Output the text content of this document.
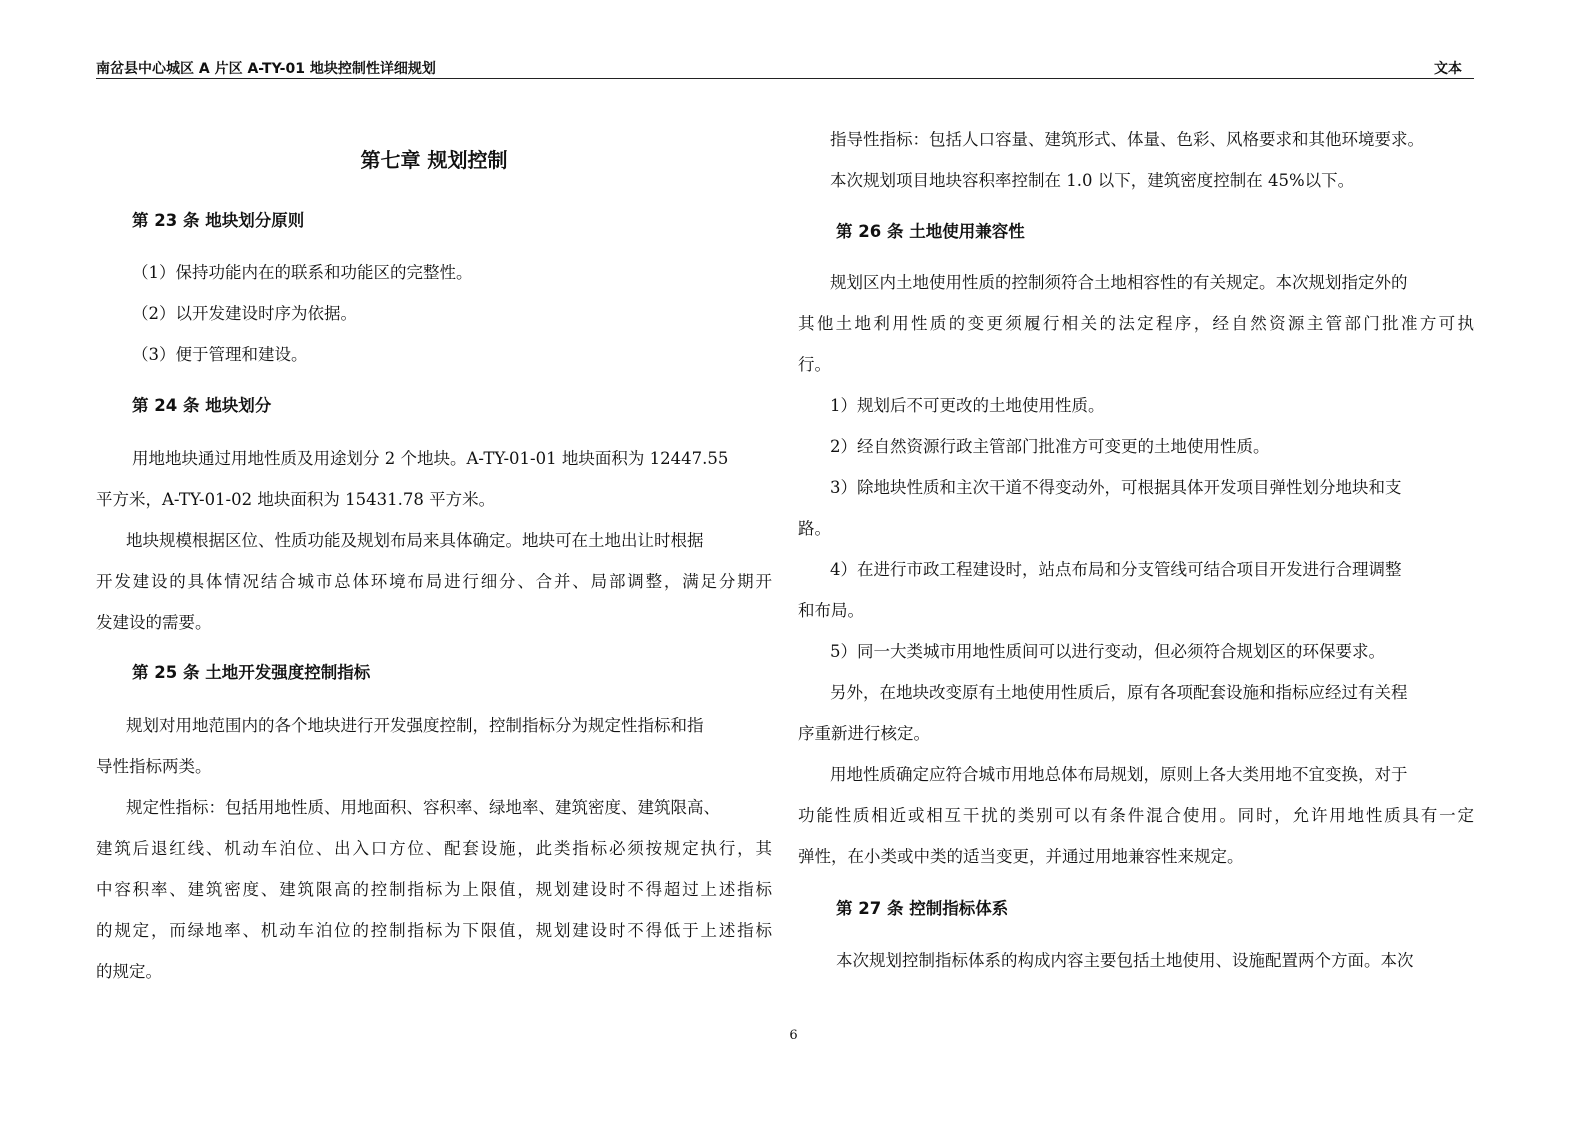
南岔县中心城区 A 片区 A-TY-01 地块控制性详细规划	文本
第七章 规划控制
第 23 条 地块划分原则
（1）保持功能内在的联系和功能区的完整性。
（2）以开发建设时序为依据。
（3）便于管理和建设。
第 24 条 地块划分
用地地块通过用地性质及用途划分 2 个地块。A-TY-01-01 地块面积为 12447.55
平方米，A-TY-01-02 地块面积为 15431.78 平方米。
地块规模根据区位、性质功能及规划布局来具体确定。地块可在土地出让时根据
开发建设的具体情况结合城市总体环境布局进行细分、合并、局部调整，满足分期开
发建设的需要。
第 25 条 土地开发强度控制指标
规划对用地范围内的各个地块进行开发强度控制，控制指标分为规定性指标和指
导性指标两类。
规定性指标：包括用地性质、用地面积、容积率、绿地率、建筑密度、建筑限高、
建筑后退红线、机动车泊位、出入口方位、配套设施，此类指标必须按规定执行，其
中容积率、建筑密度、建筑限高的控制指标为上限值，规划建设时不得超过上述指标
的规定，而绿地率、机动车泊位的控制指标为下限值，规划建设时不得低于上述指标
的规定。
指导性指标：包括人口容量、建筑形式、体量、色彩、风格要求和其他环境要求。
本次规划项目地块容积率控制在 1.0 以下，建筑密度控制在 45%以下。
第 26 条 土地使用兼容性
规划区内土地使用性质的控制须符合土地相容性的有关规定。本次规划指定外的
其他土地利用性质的变更须履行相关的法定程序，经自然资源主管部门批准方可执
行。
1）规划后不可更改的土地使用性质。
2）经自然资源行政主管部门批准方可变更的土地使用性质。
3）除地块性质和主次干道不得变动外，可根据具体开发项目弹性划分地块和支
路。
4）在进行市政工程建设时，站点布局和分支管线可结合项目开发进行合理调整
和布局。
5）同一大类城市用地性质间可以进行变动，但必须符合规划区的环保要求。
另外，在地块改变原有土地使用性质后，原有各项配套设施和指标应经过有关程
序重新进行核定。
用地性质确定应符合城市用地总体布局规划，原则上各大类用地不宜变换，对于
功能性质相近或相互干扰的类别可以有条件混合使用。同时，允许用地性质具有一定
弹性，在小类或中类的适当变更，并通过用地兼容性来规定。
第 27 条 控制指标体系
本次规划控制指标体系的构成内容主要包括土地使用、设施配置两个方面。本次
6
